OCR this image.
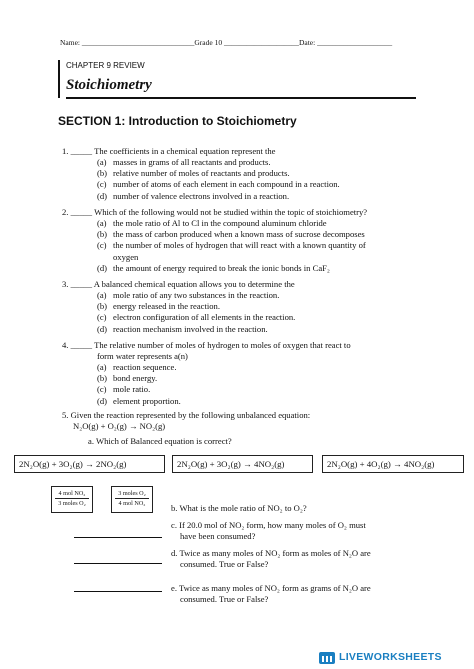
Name: ______________________________Grade 10 ____________________Date: ____________________
CHAPTER 9 REVIEW
Stoichiometry
SECTION 1: Introduction to Stoichiometry
1. _____ The coefficients in a chemical equation represent the
(a) masses in grams of all reactants and products.
(b) relative number of moles of reactants and products.
(c) number of atoms of each element in each compound in a reaction.
(d) number of valence electrons involved in a reaction.
2. _____ Which of the following would not be studied within the topic of stoichiometry?
(a) the mole ratio of Al to Cl in the compound aluminum chloride
(b) the mass of carbon produced when a known mass of sucrose decomposes
(c) the number of moles of hydrogen that will react with a known quantity of
oxygen
(d) the amount of energy required to break the ionic bonds in CaF₂
3. _____ A balanced chemical equation allows you to determine the
(a) mole ratio of any two substances in the reaction.
(b) energy released in the reaction.
(c) electron configuration of all elements in the reaction.
(d) reaction mechanism involved in the reaction.
4. _____ The relative number of moles of hydrogen to moles of oxygen that react to
form water represents a(n)
(a) reaction sequence.
(b) bond energy.
(c) mole ratio.
(d) element proportion.
5. Given the reaction represented by the following unbalanced equation:
N₂O(g) + O₂(g) → NO₂(g)
a. Which of Balanced equation is correct?
2N₂O(g) + 3O₂(g) → 2NO₂(g)	2N₂O(g) + 3O₂(g) → 4NO₂(g)	2N₂O(g) + 4O₂(g) → 4NO₂(g)
4 mol NO₂
3 moles O₂
3 moles O₂
4 mol NO₂	b. What is the mole ratio of NO₂ to O₂?
c. If 20.0 mol of NO₂ form, how many moles of O₂ must
have been consumed?
d. Twice as many moles of NO₂ form as moles of N₂O are
consumed. True or False?
e. Twice as many moles of NO₂ form as grams of N₂O are
consumed. True or False?
LIVEWORKSHEETS
